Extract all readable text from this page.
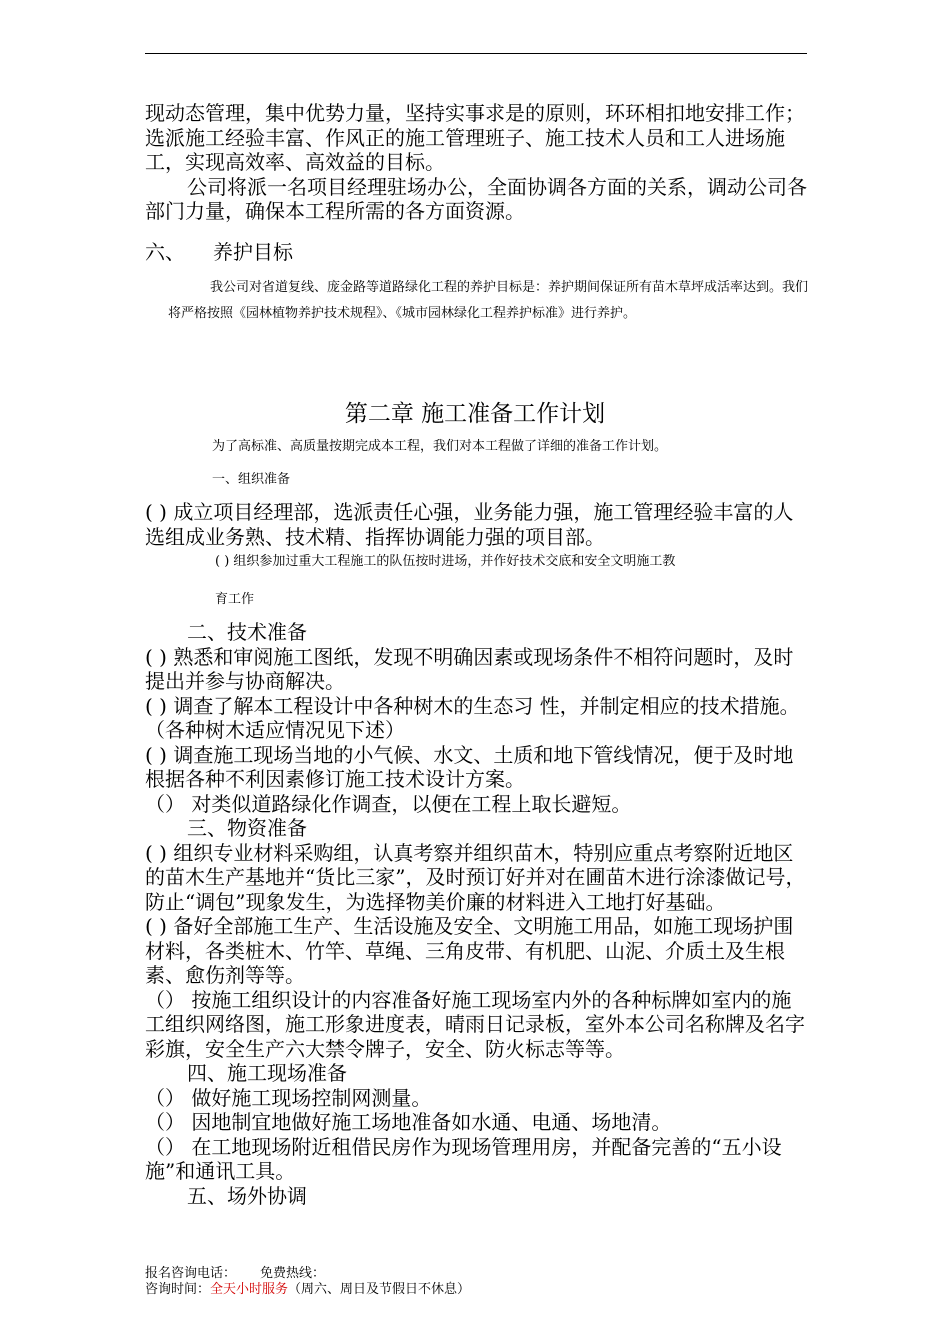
现动态管理，集中优势力量，坚持实事求是的原则，环环相扣地安排工作；选派施工经验丰富、作风正的施工管理班子、施工技术人员和工人进场施工，实现高效率、高效益的目标。

公司将派一名项目经理驻场办公，全面协调各方面的关系，调动公司各部门力量，确保本工程所需的各方面资源。

六、 养护目标

我公司对省道复线、庞金路等道路绿化工程的养护目标是：养护期间保证所有苗木草坪成活率达到。我们将严格按照《园林植物养护技术规程》、《城市园林绿化工程养护标准》进行养护。

第二章 施工准备工作计划

为了高标准、高质量按期完成本工程，我们对本工程做了详细的准备工作计划。

一、组织准备

( ) 成立项目经理部，选派责任心强，业务能力强，施工管理经验丰富的人选组成业务熟、技术精、指挥协调能力强的项目部。

( ) 组织参加过重大工程施工的队伍按时进场，并作好技术交底和安全文明施工教

育工作

二、技术准备

( ) 熟悉和审阅施工图纸，发现不明确因素或现场条件不相符问题时，及时提出并参与协商解决。

( ) 调查了解本工程设计中各种树木的生态习 性，并制定相应的技术措施。（各种树木适应情况见下述）

( ) 调查施工现场当地的小气候、水文、土质和地下管线情况，便于及时地根据各种不利因素修订施工技术设计方案。

（） 对类似道路绿化作调查，以便在工程上取长避短。

三、物资准备

( ) 组织专业材料采购组，认真考察并组织苗木，特别应重点考察附近地区的苗木生产基地并“货比三家”，及时预订好并对在圃苗木进行涂漆做记号，防止“调包”现象发生，为选择物美价廉的材料进入工地打好基础。

( ) 备好全部施工生产、生活设施及安全、文明施工用品，如施工现场护围材料，各类桩木、竹竿、草绳、三角皮带、有机肥、山泥、介质土及生根素、愈伤剂等等。

（） 按施工组织设计的内容准备好施工现场室内外的各种标牌如室内的施工组织网络图，施工形象进度表，晴雨日记录板，室外本公司名称牌及名字彩旗，安全生产六大禁令牌子，安全、防火标志等等。

四、施工现场准备

（） 做好施工现场控制网测量。

（） 因地制宜地做好施工场地准备如水通、电通、场地清。

（） 在工地现场附近租借民房作为现场管理用房，并配备完善的“五小设施”和通讯工具。

五、场外协调

报名咨询电话： 免费热线：
咨询时间：全天小时服务（周六、周日及节假日不休息）
